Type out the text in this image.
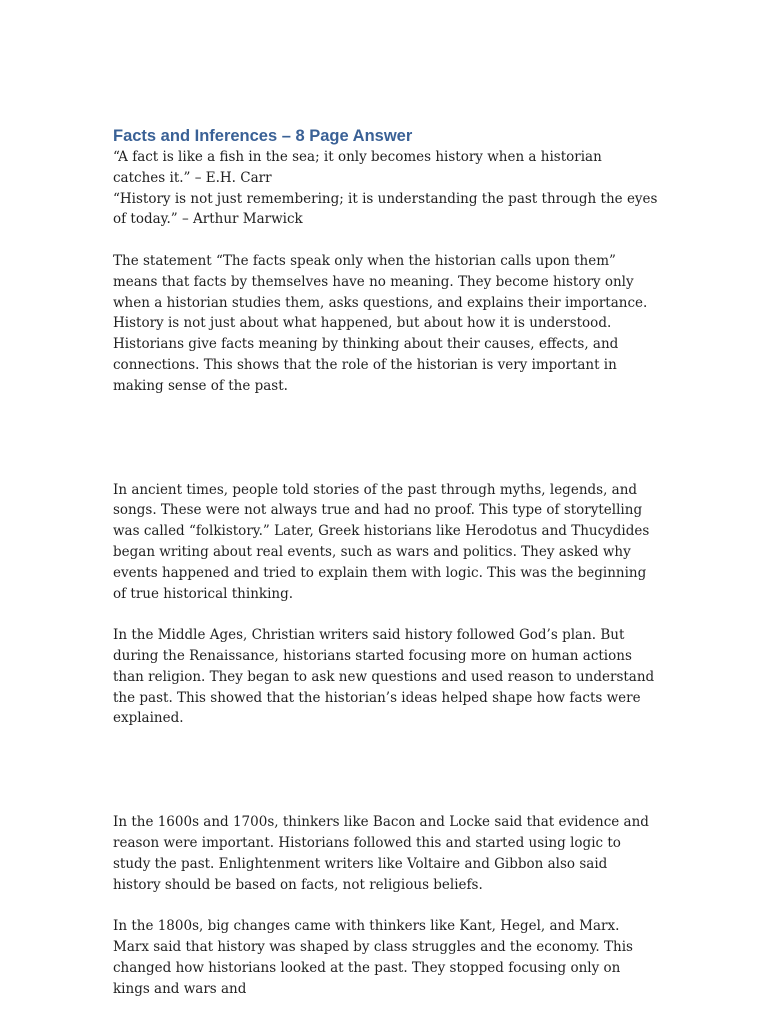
Facts and Inferences – 8 Page Answer

“A fact is like a fish in the sea; it only becomes history when a historian catches it.” – E.H. Carr

“History is not just remembering; it is understanding the past through the eyes of today.” – Arthur Marwick

The statement “The facts speak only when the historian calls upon them” means that facts by themselves have no meaning. They become history only when a historian studies them, asks questions, and explains their importance. History is not just about what happened, but about how it is understood. Historians give facts meaning by thinking about their causes, effects, and connections. This shows that the role of the historian is very important in making sense of the past.

In ancient times, people told stories of the past through myths, legends, and songs. These were not always true and had no proof. This type of storytelling was called “folkistory.” Later, Greek historians like Herodotus and Thucydides began writing about real events, such as wars and politics. They asked why events happened and tried to explain them with logic. This was the beginning of true historical thinking.

In the Middle Ages, Christian writers said history followed God’s plan. But during the Renaissance, historians started focusing more on human actions than religion. They began to ask new questions and used reason to understand the past. This showed that the historian’s ideas helped shape how facts were explained.

In the 1600s and 1700s, thinkers like Bacon and Locke said that evidence and reason were important. Historians followed this and started using logic to study the past. Enlightenment writers like Voltaire and Gibbon also said history should be based on facts, not religious beliefs.

In the 1800s, big changes came with thinkers like Kant, Hegel, and Marx. Marx said that history was shaped by class struggles and the economy. This changed how historians looked at the past. They stopped focusing only on kings and wars and
